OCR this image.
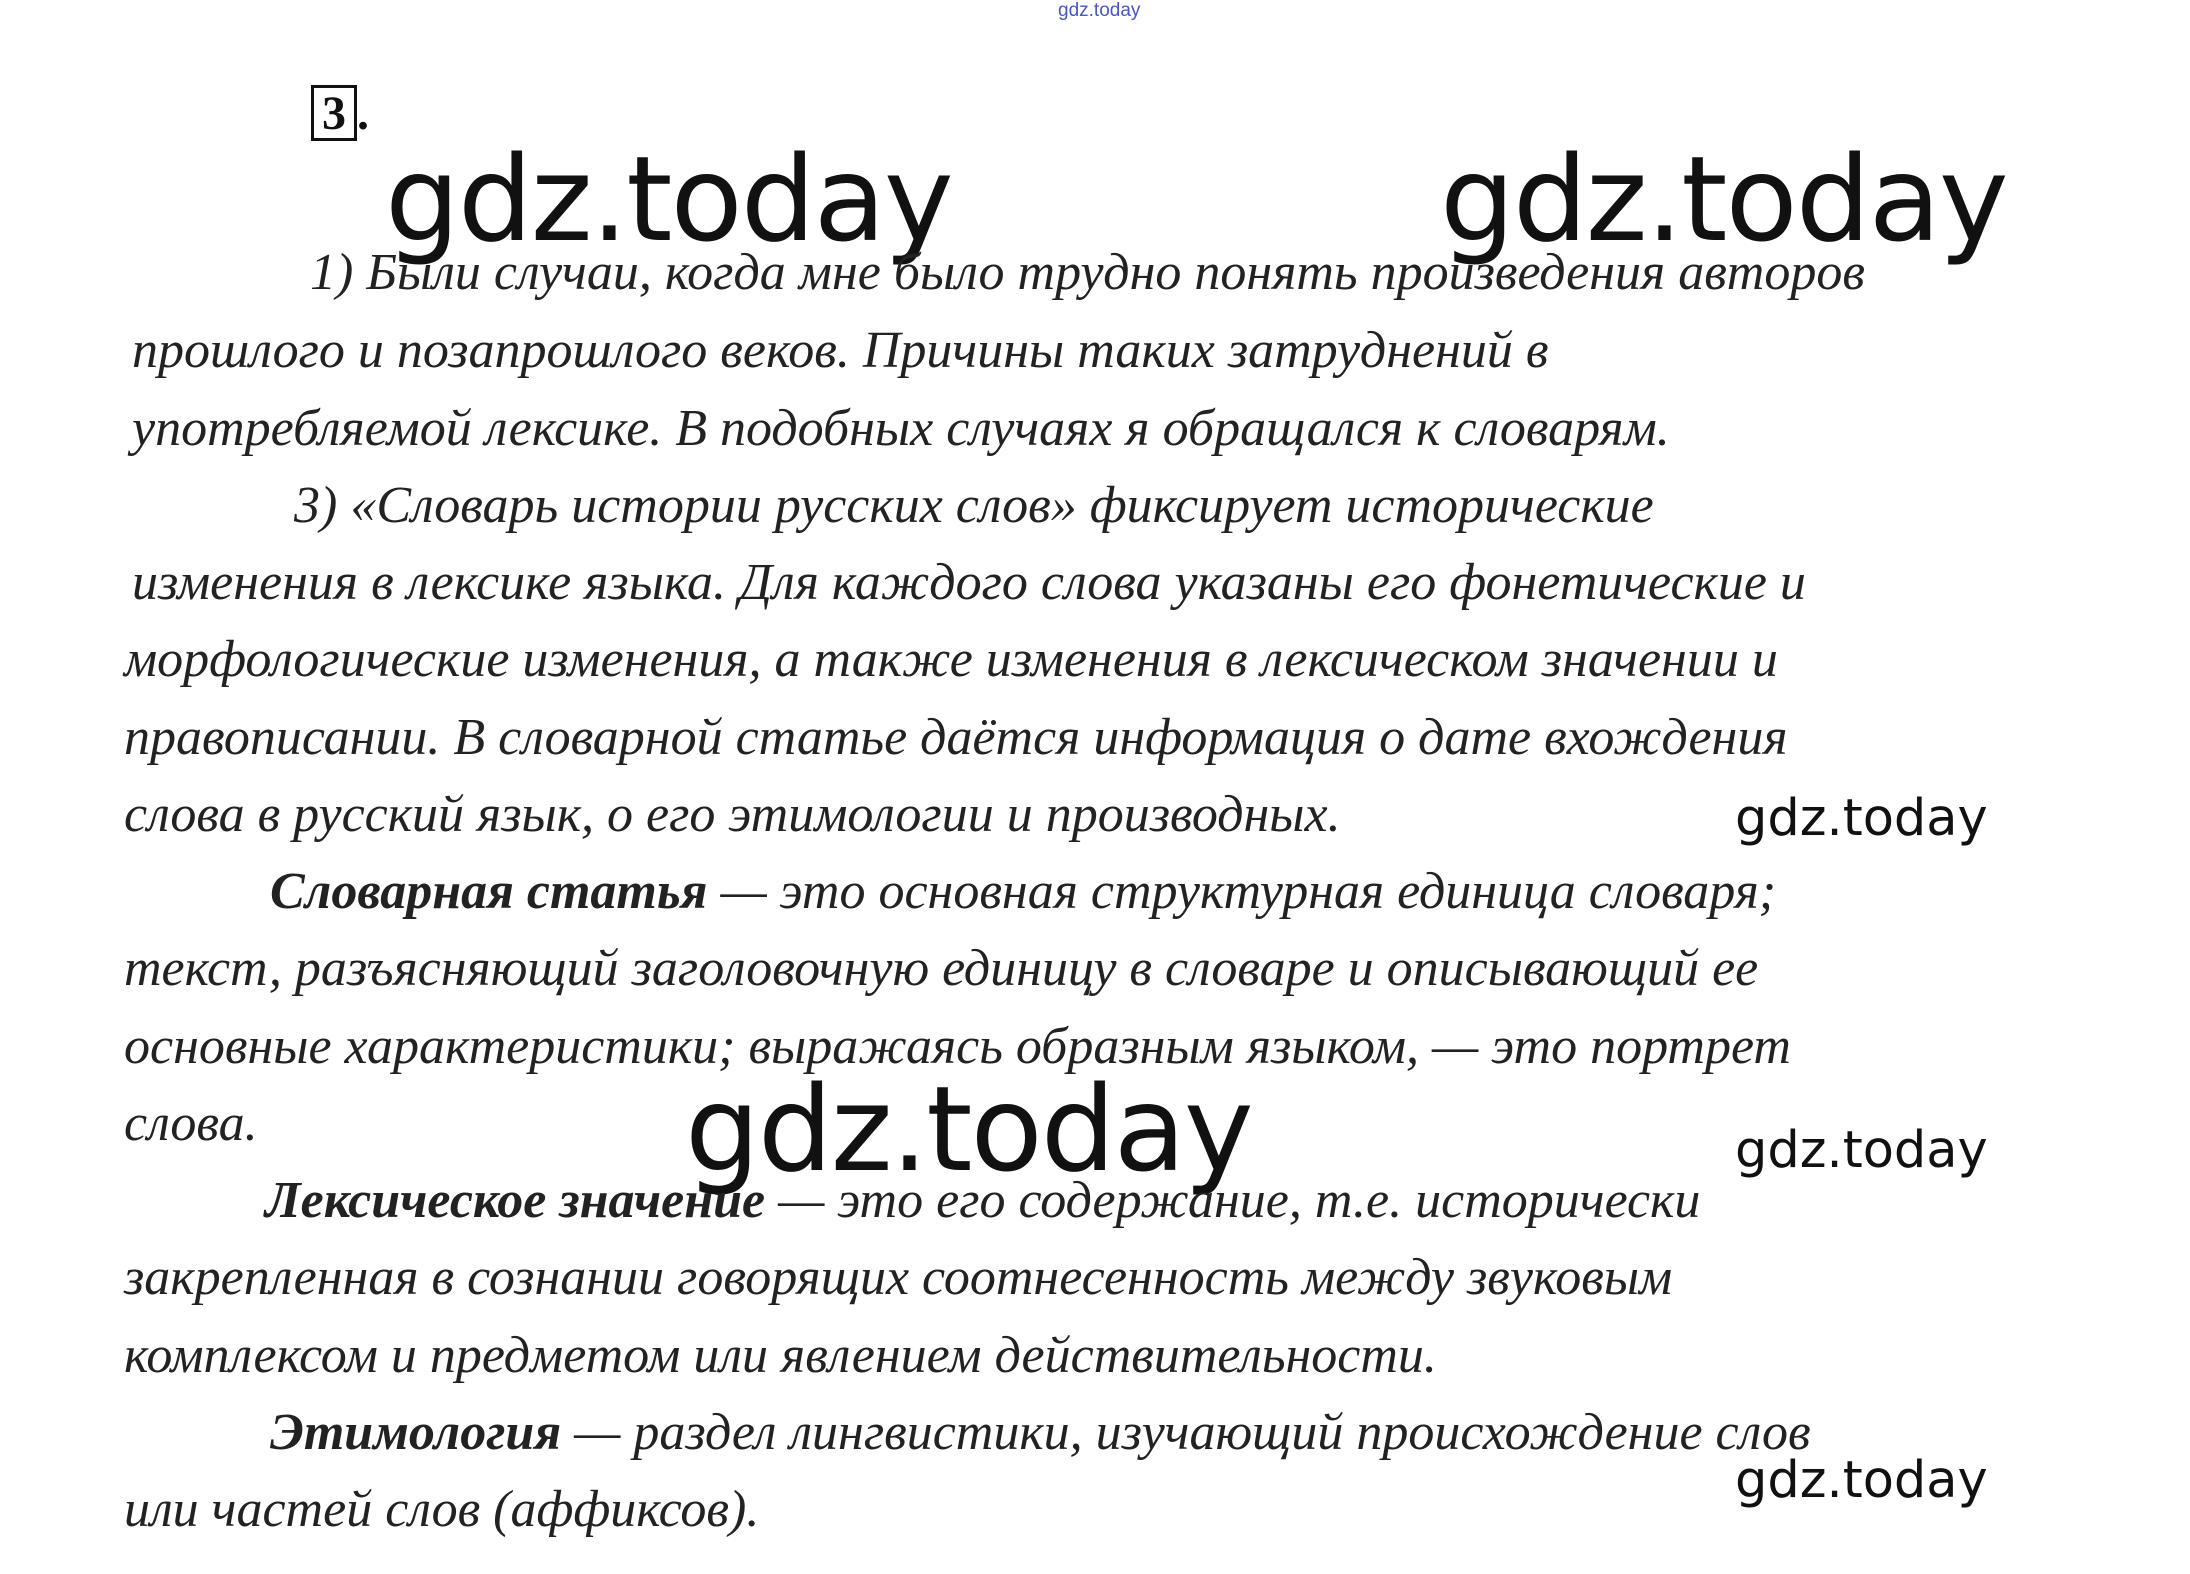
gdz.today
3 .
gdz.today	gdz.today
1) Были случаи, когда мне было трудно понять произведения авторов
прошлого и позапрошлого веков. Причины таких затруднений в
употребляемой лексике. В подобных случаях я обращался к словарям.
3) «Словарь истории русских слов» фиксирует исторические
изменения в лексике языка. Для каждого слова указаны его фонетические и
морфологические изменения, а также изменения в лексическом значении и
правописании. В словарной статье даётся информация о дате вхождения
слова в русский язык, о его этимологии и производных.	gdz.today
Словарная статья — это основная структурная единица словаря;
текст, разъясняющий заголовочную единицу в словаре и описывающий ее
основные характеристики; выражаясь образным языком, — это портрет
слова.	gdz.today	gdz.today
Лексическое значение — это его содержание, т.е. исторически
закрепленная в сознании говорящих соотнесенность между звуковым
комплексом и предметом или явлением действительности.
Этимология — раздел лингвистики, изучающий происхождение слов
gdz.today
или частей слов (аффиксов).
